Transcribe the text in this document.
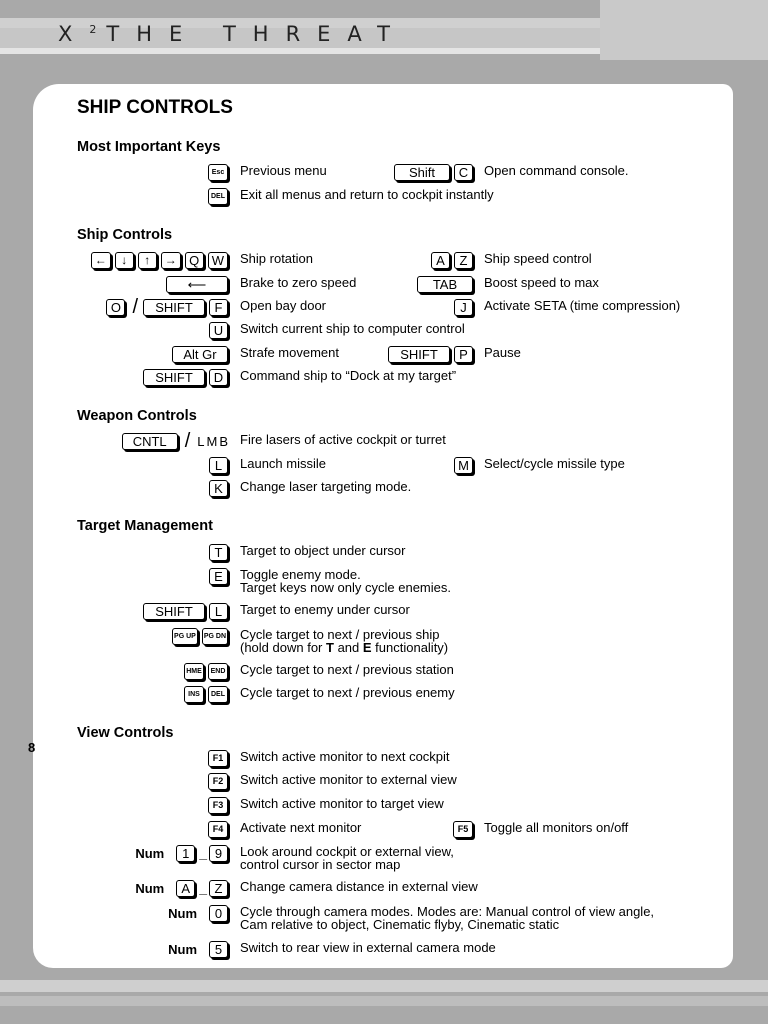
$X^2$ THE THREAT
8
SHIP CONTROLS
Most Important Keys
Esc Previous menu	Shift	C	Open command console.
DEL Exit all menus and return to cockpit instantly
Ship Controls
←	↓	↑	→ Q W	Ship rotation	A	Z	Ship speed control
⟵	Brake to zero speed	TAB	Boost speed to max
O /	SHIFT	F	Open bay door	J	Activate SETA (time compression)
U	Switch current ship to computer control
Alt Gr	Strafe movement	SHIFT	P	Pause
SHIFT	D	Command ship to “Dock at my target”
Weapon Controls
CNTL / LMB Fire lasers of active cockpit or turret
L	Launch missile	M	Select/cycle missile type
K	Change laser targeting mode.
Target Management
T	Target to object under cursor
E	Toggle enemy mode.
Target keys now only cycle enemies.
SHIFT	L	Target to enemy under cursor
PG UP PG DN Cycle target to next / previous ship
(hold down for T and E functionality)
HME	END Cycle target to next / previous station
INS	DEL Cycle target to next / previous enemy
View Controls
F1	Switch active monitor to next cockpit
F2	Switch active monitor to external view
F3	Switch active monitor to target view
F4	Activate next monitor	F5	Toggle all monitors on/off
Num	1 _ 9	Look around cockpit or external view,
control cursor in sector map
Num	A _ Z	Change camera distance in external view
Num	0	Cycle through camera modes. Modes are: Manual control of view angle,
Cam relative to object, Cinematic flyby, Cinematic static
Num	5	Switch to rear view in external camera mode
